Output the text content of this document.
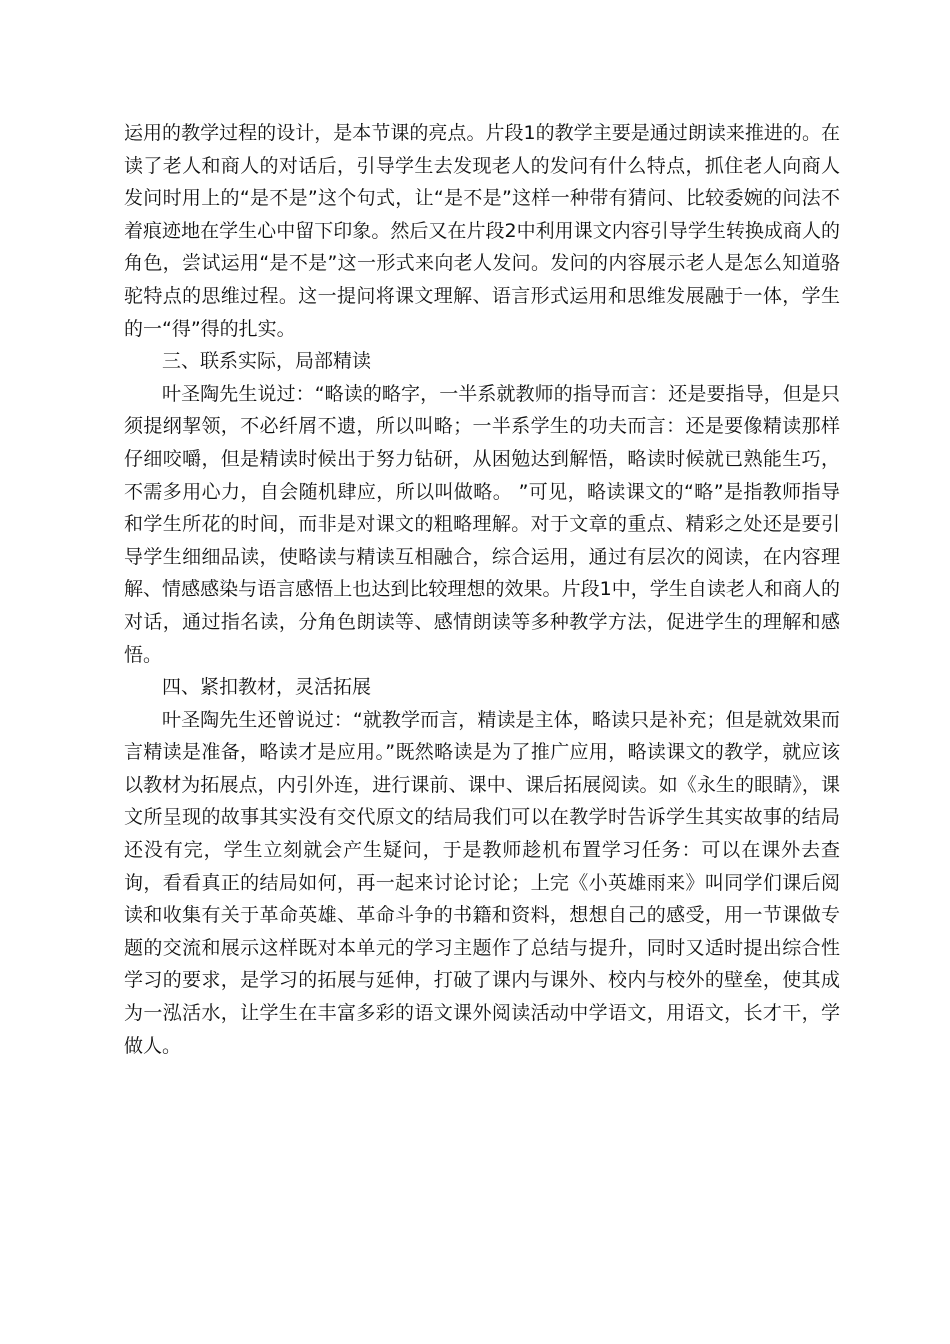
运用的教学过程的设计，是本节课的亮点。片段1的教学主要是通过朗读来推进的。在读了老人和商人的对话后，引导学生去发现老人的发问有什么特点，抓住老人向商人发问时用上的“是不是”这个句式，让“是不是”这样一种带有猜问、比较委婉的问法不着痕迹地在学生心中留下印象。然后又在片段2中利用课文内容引导学生转换成商人的角色，尝试运用“是不是”这一形式来向老人发问。发问的内容展示老人是怎么知道骆驼特点的思维过程。这一提问将课文理解、语言形式运用和思维发展融于一体，学生的一“得”得的扎实。

三、联系实际，局部精读

叶圣陶先生说过：“略读的略字，一半系就教师的指导而言：还是要指导，但是只须提纲挈领，不必纤屑不遗，所以叫略；一半系学生的功夫而言：还是要像精读那样仔细咬嚼，但是精读时候出于努力钻研，从困勉达到解悟，略读时候就已熟能生巧，不需多用心力，自会随机肆应，所以叫做略。 ”可见，略读课文的“略”是指教师指导和学生所花的时间，而非是对课文的粗略理解。对于文章的重点、精彩之处还是要引导学生细细品读，使略读与精读互相融合，综合运用，通过有层次的阅读，在内容理解、情感感染与语言感悟上也达到比较理想的效果。片段1中，学生自读老人和商人的对话，通过指名读，分角色朗读等、感情朗读等多种教学方法，促进学生的理解和感悟。

四、紧扣教材，灵活拓展

叶圣陶先生还曾说过：“就教学而言，精读是主体，略读只是补充；但是就效果而言精读是准备，略读才是应用。”既然略读是为了推广应用，略读课文的教学，就应该以教材为拓展点，内引外连，进行课前、课中、课后拓展阅读。如《永生的眼睛》，课文所呈现的故事其实没有交代原文的结局我们可以在教学时告诉学生其实故事的结局还没有完，学生立刻就会产生疑问，于是教师趁机布置学习任务：可以在课外去查询，看看真正的结局如何，再一起来讨论讨论；上完《小英雄雨来》叫同学们课后阅读和收集有关于革命英雄、革命斗争的书籍和资料，想想自己的感受，用一节课做专题的交流和展示这样既对本单元的学习主题作了总结与提升，同时又适时提出综合性学习的要求，是学习的拓展与延伸，打破了课内与课外、校内与校外的壁垒，使其成为一泓活水，让学生在丰富多彩的语文课外阅读活动中学语文，用语文，长才干，学做人。
